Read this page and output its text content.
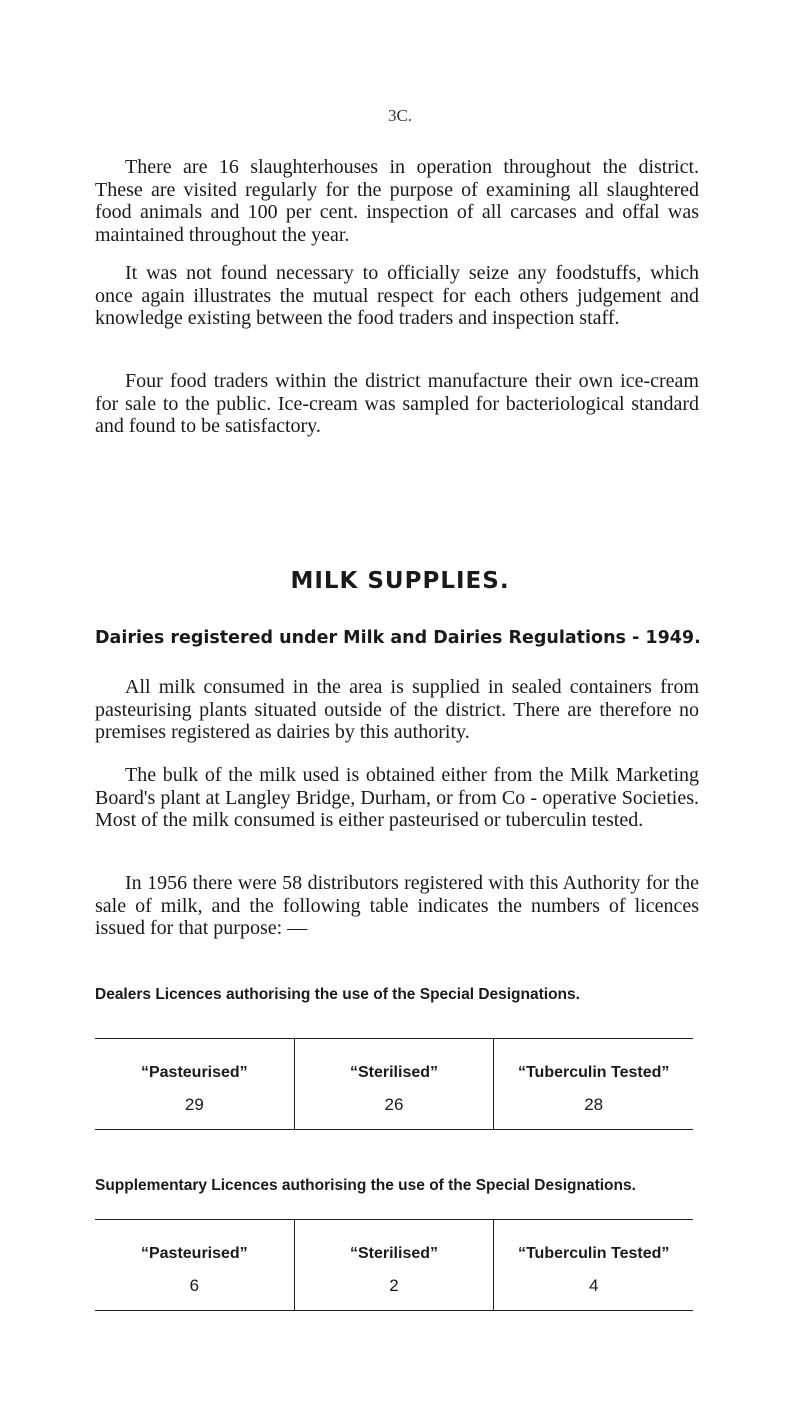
3С.

There are 16 slaughterhouses in operation throughout the district. These are visited regularly for the purpose of examining all slaughtered food animals and 100 per cent. inspection of all carcases and offal was maintained throughout the year.

It was not found necessary to officially seize any foodstuffs, which once again illustrates the mutual respect for each others judgement and knowledge existing between the food traders and inspection staff.

Four food traders within the district manufacture their own ice-cream for sale to the public. Ice-cream was sampled for bacteriological standard and found to be satisfactory.

MILK SUPPLIES.
Dairies registered under Milk and Dairies Regulations - 1949.

All milk consumed in the area is supplied in sealed containers from pasteurising plants situated outside of the district. There are therefore no premises registered as dairies by this authority.

The bulk of the milk used is obtained either from the Milk Marketing Board's plant at Langley Bridge, Durham, or from Co - operative Societies. Most of the milk consumed is either pasteurised or tuberculin tested.

In 1956 there were 58 distributors registered with this Authority for the sale of milk, and the following table indicates the numbers of licences issued for that purpose: —

Dealers Licences authorising the use of the Special Designations.
“Pasteurised”
29
“Sterilised”
26
“Tuberculin Tested”
28
Supplementary Licences authorising the use of the Special Designations.
“Pasteurised”
6
“Sterilised”
2
“Tuberculin Tested”
4
